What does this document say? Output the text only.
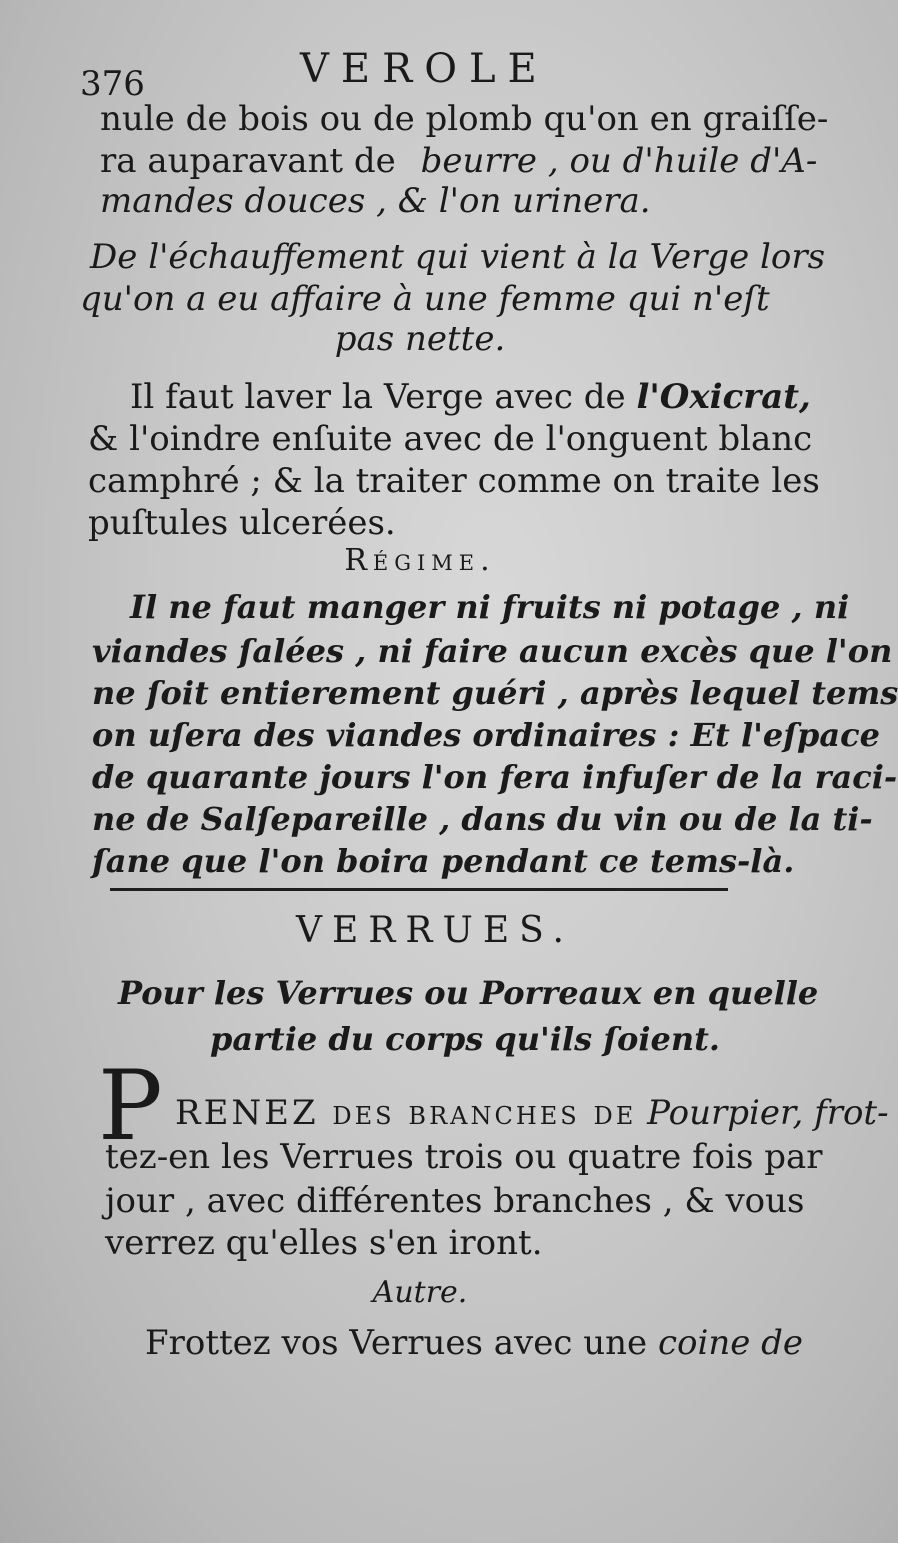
376	VEROLE
nule de bois ou de plomb qu'on en graiſſe-
ra auparavant de beurre , ou d'huile d'A-
mandes douces , & l'on urinera.
De l'échauffement qui vient à la Verge lors
qu'on a eu affaire à une femme qui n'eſt
pas nette.
Il faut laver la Verge avec de l'Oxicrat,
& l'oindre enſuite avec de l'onguent blanc
camphré ; & la traiter comme on traite les
puſtules ulcerées.
Régime.
Il ne faut manger ni fruits ni potage , ni
viandes ſalées , ni faire aucun excès que l'on
ne ſoit entierement guéri , après lequel tems
on uſera des viandes ordinaires : Et l'eſpace
de quarante jours l'on fera infuſer de la raci-
ne de Salſepareille , dans du vin ou de la ti-
ſane que l'on boira pendant ce tems-là.
VERRUES.
Pour les Verrues ou Porreaux en quelle
partie du corps qu'ils ſoient.
P RENEZ des branches de Pourpier, frot-
tez-en les Verrues trois ou quatre fois par
jour , avec différentes branches , & vous
verrez qu'elles s'en iront.
Autre.
Frottez vos Verrues avec une coine de
